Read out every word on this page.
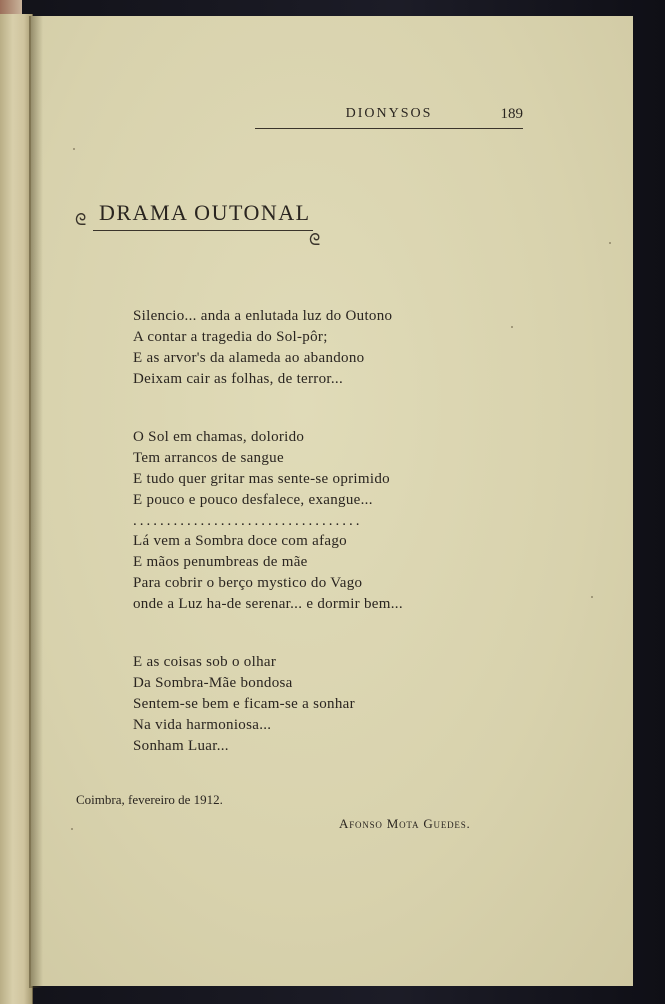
DIONYSOS	189
ᘓ DRAMA OUTONAL
ᘓ
Silencio... anda a enlutada luz do Outono
A contar a tragedia do Sol-pôr;
E as arvor's da alameda ao abandono
Deixam cair as folhas, de terror...
O Sol em chamas, dolorido
Tem arrancos de sangue
E tudo quer gritar mas sente-se oprimido
E pouco e pouco desfalece, exangue...
..................................
Lá vem a Sombra doce com afago
E mãos penumbreas de mãe
Para cobrir o berço mystico do Vago
onde a Luz ha-de serenar... e dormir bem...
E as coisas sob o olhar
Da Sombra-Mãe bondosa
Sentem-se bem e ficam-se a sonhar
Na vida harmoniosa...
Sonham Luar...
Coimbra, fevereiro de 1912.
Afonso Mota Guedes.
